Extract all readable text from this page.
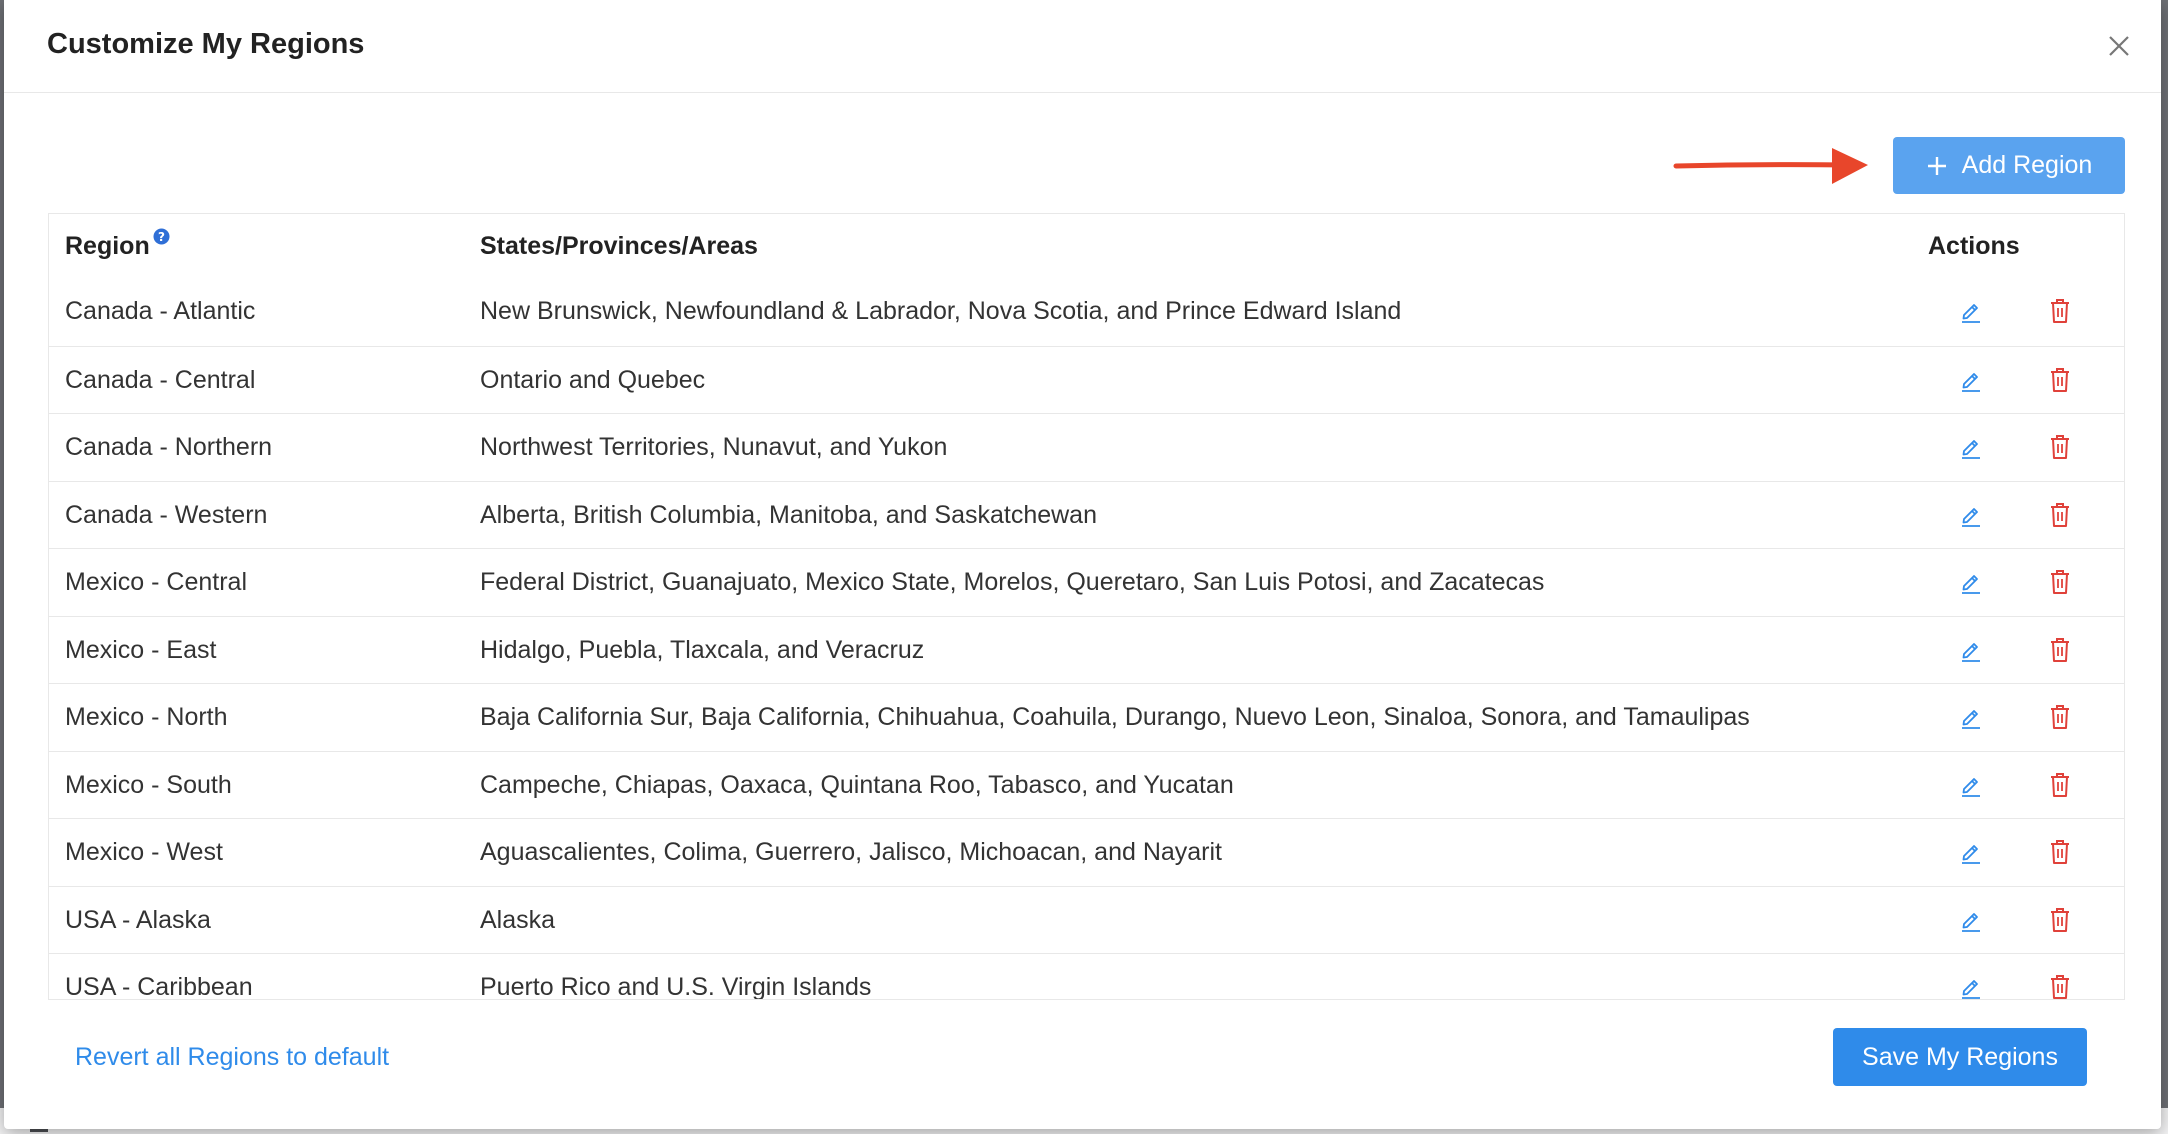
Customize My Regions
Add Region
Region ?	States/Provinces/Areas	Actions
Canada - Atlantic	New Brunswick, Newfoundland & Labrador, Nova Scotia, and Prince Edward Island
Canada - Central	Ontario and Quebec
Canada - Northern	Northwest Territories, Nunavut, and Yukon
Canada - Western	Alberta, British Columbia, Manitoba, and Saskatchewan
Mexico - Central	Federal District, Guanajuato, Mexico State, Morelos, Queretaro, San Luis Potosi, and Zacatecas
Mexico - East	Hidalgo, Puebla, Tlaxcala, and Veracruz
Mexico - North	Baja California Sur, Baja California, Chihuahua, Coahuila, Durango, Nuevo Leon, Sinaloa, Sonora, and Tamaulipas
Mexico - South	Campeche, Chiapas, Oaxaca, Quintana Roo, Tabasco, and Yucatan
Mexico - West	Aguascalientes, Colima, Guerrero, Jalisco, Michoacan, and Nayarit
USA - Alaska	Alaska
USA - Caribbean	Puerto Rico and U.S. Virgin Islands
Revert all Regions to default	Save My Regions
